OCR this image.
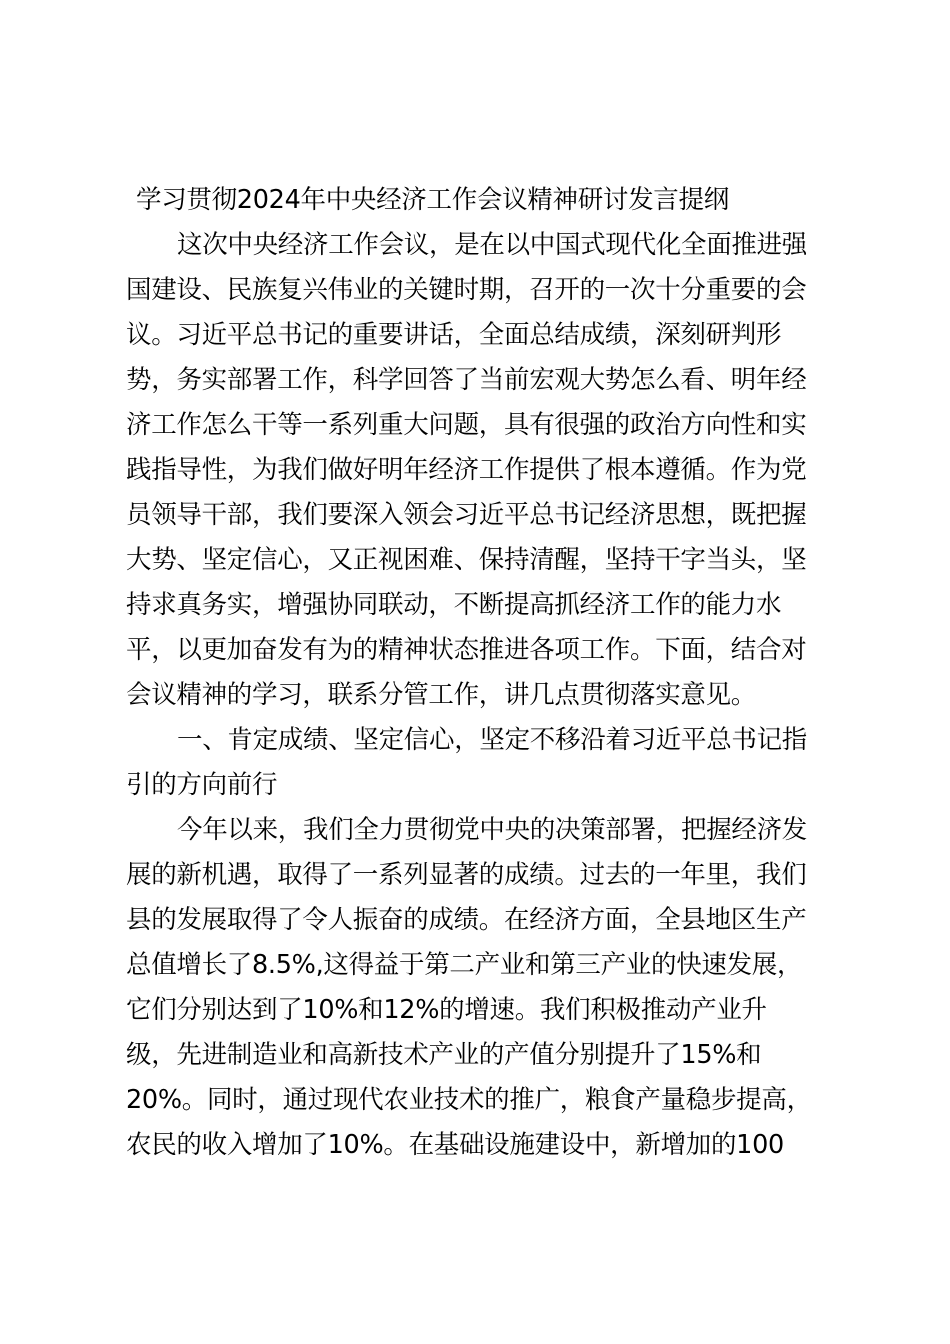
学习贯彻2024年中央经济工作会议精神研讨发言提纲
这次中央经济工作会议，是在以中国式现代化全面推进强
国建设、民族复兴伟业的关键时期，召开的一次十分重要的会
议。习近平总书记的重要讲话，全面总结成绩，深刻研判形
势，务实部署工作，科学回答了当前宏观大势怎么看、明年经
济工作怎么干等一系列重大问题，具有很强的政治方向性和实
践指导性，为我们做好明年经济工作提供了根本遵循。作为党
员领导干部，我们要深入领会习近平总书记经济思想，既把握
大势、坚定信心，又正视困难、保持清醒，坚持干字当头，坚
持求真务实，增强协同联动，不断提高抓经济工作的能力水
平，以更加奋发有为的精神状态推进各项工作。下面，结合对
会议精神的学习，联系分管工作，讲几点贯彻落实意见。
一、肯定成绩、坚定信心，坚定不移沿着习近平总书记指
引的方向前行
今年以来，我们全力贯彻党中央的决策部署，把握经济发
展的新机遇，取得了一系列显著的成绩。过去的一年里，我们
县的发展取得了令人振奋的成绩。在经济方面，全县地区生产
总值增长了8.5%,这得益于第二产业和第三产业的快速发展，
它们分别达到了10%和12%的增速。我们积极推动产业升
级，先进制造业和高新技术产业的产值分别提升了15%和
20%。同时，通过现代农业技术的推广，粮食产量稳步提高，
农民的收入增加了10%。在基础设施建设中，新增加的100
